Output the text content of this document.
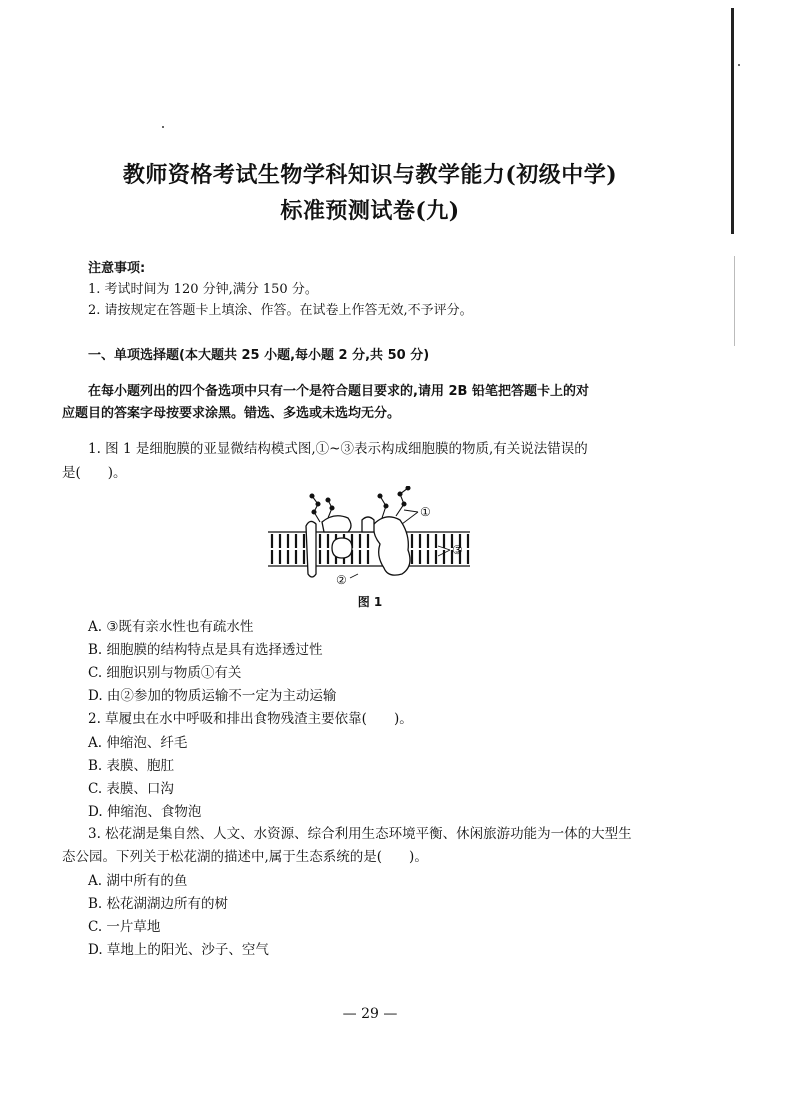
教师资格考试生物学科知识与教学能力(初级中学)
标准预测试卷(九)
注意事项:
1. 考试时间为 120 分钟,满分 150 分。
2. 请按规定在答题卡上填涂、作答。在试卷上作答无效,不予评分。
一、单项选择题(本大题共 25 小题,每小题 2 分,共 50 分)
在每小题列出的四个备选项中只有一个是符合题目要求的,请用 2B 铅笔把答题卡上的对
应题目的答案字母按要求涂黑。错选、多选或未选均无分。
1. 图 1 是细胞膜的亚显微结构模式图,①~③表示构成细胞膜的物质,有关说法错误的
是(　　)。
①
③
②
图 1
A. ③既有亲水性也有疏水性
B. 细胞膜的结构特点是具有选择透过性
C. 细胞识别与物质①有关
D. 由②参加的物质运输不一定为主动运输
2. 草履虫在水中呼吸和排出食物残渣主要依靠(　　)。
A. 伸缩泡、纤毛
B. 表膜、胞肛
C. 表膜、口沟
D. 伸缩泡、食物泡
3. 松花湖是集自然、人文、水资源、综合利用生态环境平衡、休闲旅游功能为一体的大型生
态公园。下列关于松花湖的描述中,属于生态系统的是(　　)。
A. 湖中所有的鱼
B. 松花湖湖边所有的树
C. 一片草地
D. 草地上的阳光、沙子、空气
— 29 —
